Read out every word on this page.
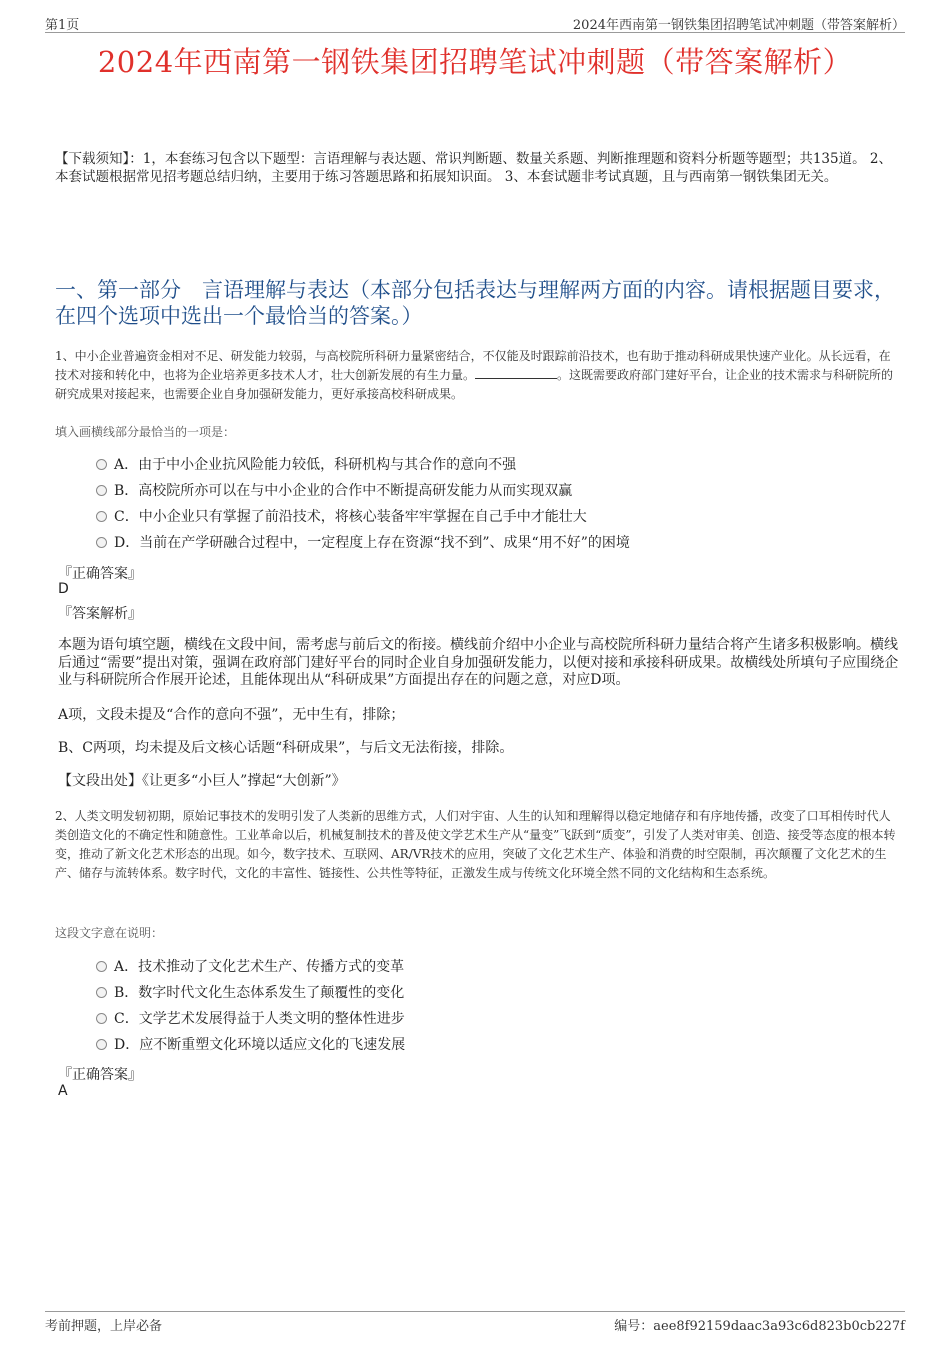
第1页	2024年西南第一钢铁集团招聘笔试冲刺题（带答案解析）
2024年西南第一钢铁集团招聘笔试冲刺题（带答案解析）
【下载须知】：1，本套练习包含以下题型：言语理解与表达题、常识判断题、数量关系题、判断推理题和资料分析题等题型；共135道。 2、本套试题根据常见招考题总结归纳，主要用于练习答题思路和拓展知识面。 3、本套试题非考试真题，且与西南第一钢铁集团无关。
一、第一部分　言语理解与表达（本部分包括表达与理解两方面的内容。请根据题目要求，在四个选项中选出一个最恰当的答案。）
1、中小企业普遍资金相对不足、研发能力较弱，与高校院所科研力量紧密结合，不仅能及时跟踪前沿技术，也有助于推动科研成果快速产业化。从长远看，在技术对接和转化中，也将为企业培养更多技术人才，壮大创新发展的有生力量。	。这既需要政府部门建好平台，让企业的技术需求与科研院所的研究成果对接起来，也需要企业自身加强研发能力，更好承接高校科研成果。
填入画横线部分最恰当的一项是：
A．由于中小企业抗风险能力较低，科研机构与其合作的意向不强
B．高校院所亦可以在与中小企业的合作中不断提高研发能力从而实现双赢
C．中小企业只有掌握了前沿技术，将核心装备牢牢掌握在自己手中才能壮大
D．当前在产学研融合过程中，一定程度上存在资源“找不到”、成果“用不好”的困境
『正确答案』
D
『答案解析』
本题为语句填空题，横线在文段中间，需考虑与前后文的衔接。横线前介绍中小企业与高校院所科研力量结合将产生诸多积极影响。横线后通过“需要”提出对策，强调在政府部门建好平台的同时企业自身加强研发能力，以便对接和承接科研成果。故横线处所填句子应围绕企业与科研院所合作展开论述，且能体现出从“科研成果”方面提出存在的问题之意，对应D项。
A项，文段未提及“合作的意向不强”，无中生有，排除；
B、C两项，均未提及后文核心话题“科研成果”，与后文无法衔接，排除。
【文段出处】《让更多“小巨人”撑起“大创新”》
2、人类文明发轫初期，原始记事技术的发明引发了人类新的思维方式，人们对宇宙、人生的认知和理解得以稳定地储存和有序地传播，改变了口耳相传时代人类创造文化的不确定性和随意性。工业革命以后，机械复制技术的普及使文学艺术生产从“量变”飞跃到“质变”，引发了人类对审美、创造、接受等态度的根本转变，推动了新文化艺术形态的出现。如今，数字技术、互联网、AR/VR技术的应用，突破了文化艺术生产、体验和消费的时空限制，再次颠覆了文化艺术的生产、储存与流转体系。数字时代，文化的丰富性、链接性、公共性等特征，正激发生成与传统文化环境全然不同的文化结构和生态系统。
这段文字意在说明：
A．技术推动了文化艺术生产、传播方式的变革
B．数字时代文化生态体系发生了颠覆性的变化
C．文学艺术发展得益于人类文明的整体性进步
D．应不断重塑文化环境以适应文化的飞速发展
『正确答案』
A
考前押题，上岸必备	编号：aee8f92159daac3a93c6d823b0cb227f
